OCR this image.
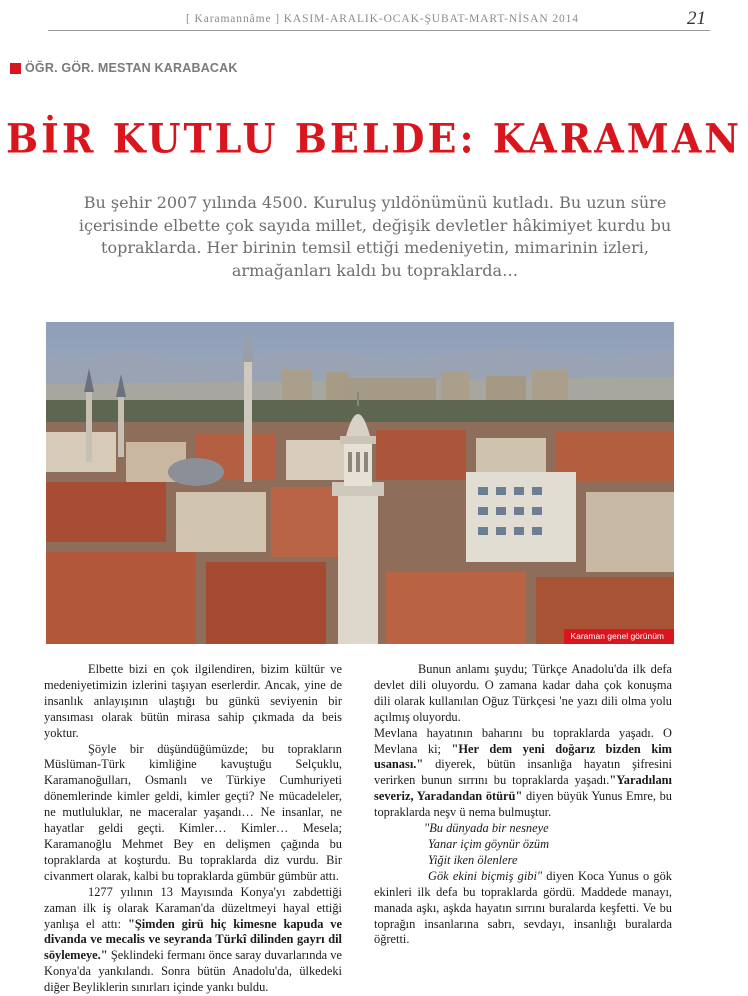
[ Karamannâme ] KASIM-ARALIK-OCAK-ŞUBAT-MART-NİSAN 2014	21
ÖĞR. GÖR. MESTAN KARABACAK
BİR KUTLU BELDE: KARAMAN

Bu şehir 2007 yılında 4500. Kuruluş yıldönümünü kutladı. Bu uzun süre içerisinde elbette çok sayıda millet, değişik devletler hâkimiyet kurdu bu topraklarda. Her birinin temsil ettiği medeniyetin, mimarinin izleri, armağanları kaldı bu topraklarda…

Karaman genel görünüm

Elbette bizi en çok ilgilendiren, bizim kültür ve medeniyetimizin izlerini taşıyan eserlerdir. Ancak, yine de insanlık anlayışının ulaştığı bu günkü seviyenin bir yansıması olarak bütün mirasa sahip çıkmada da beis yoktur.

Şöyle bir düşündüğümüzde; bu toprakların Müslüman-Türk kimliğine kavuştuğu Selçuklu, Karamanoğulları, Osmanlı ve Türkiye Cumhuriyeti dönemlerinde kimler geldi, kimler geçti? Ne mücadeleler, ne mutluluklar, ne maceralar yaşandı… Ne insanlar, ne hayatlar geldi geçti. Kimler… Kimler… Mesela; Karamanoğlu Mehmet Bey en delişmen çağında bu topraklarda at koşturdu. Bu topraklarda diz vurdu. Bir civanmert olarak, kalbi bu topraklarda gümbür gümbür attı.

1277 yılının 13 Mayısında Konya'yı zabdettiği zaman ilk iş olarak Karaman'da düzeltmeyi hayal ettiği yanlışa el attı: "Şimden girü hiç kimesne kapuda ve divanda ve mecalis ve seyranda Türkî dilinden gayrı dil söylemeye." Şeklindeki fermanı önce saray duvarlarında ve Konya'da yankılandı. Sonra bütün Anadolu'da, ülkedeki diğer Beyliklerin sınırları içinde yankı buldu.

Bunun anlamı şuydu; Türkçe Anadolu'da ilk defa devlet dili oluyordu. O zamana kadar daha çok konuşma dili olarak kullanılan Oğuz Türkçesi 'ne yazı dili olma yolu açılmış oluyordu.

Mevlana hayatının baharını bu topraklarda yaşadı. O Mevlana ki; "Her dem yeni doğarız bizden kim usanası." diyerek, bütün insanlığa hayatın şifresini verirken bunun sırrını bu topraklarda yaşadı."Yaradılanı severiz, Yaradandan ötürü" diyen büyük Yunus Emre, bu topraklarda neşv ü nema bulmuştur.

"Bu dünyada bir nesneye
Yanar içim göynür özüm
Yiğit iken ölenlere

Gök ekini biçmiş gibi" diyen Koca Yunus o gök ekinleri ilk defa bu topraklarda gördü. Maddede manayı, manada aşkı, aşkda hayatın sırrını buralarda keşfetti. Ve bu toprağın insanlarına sabrı, sevdayı, insanlığı buralarda öğretti.
